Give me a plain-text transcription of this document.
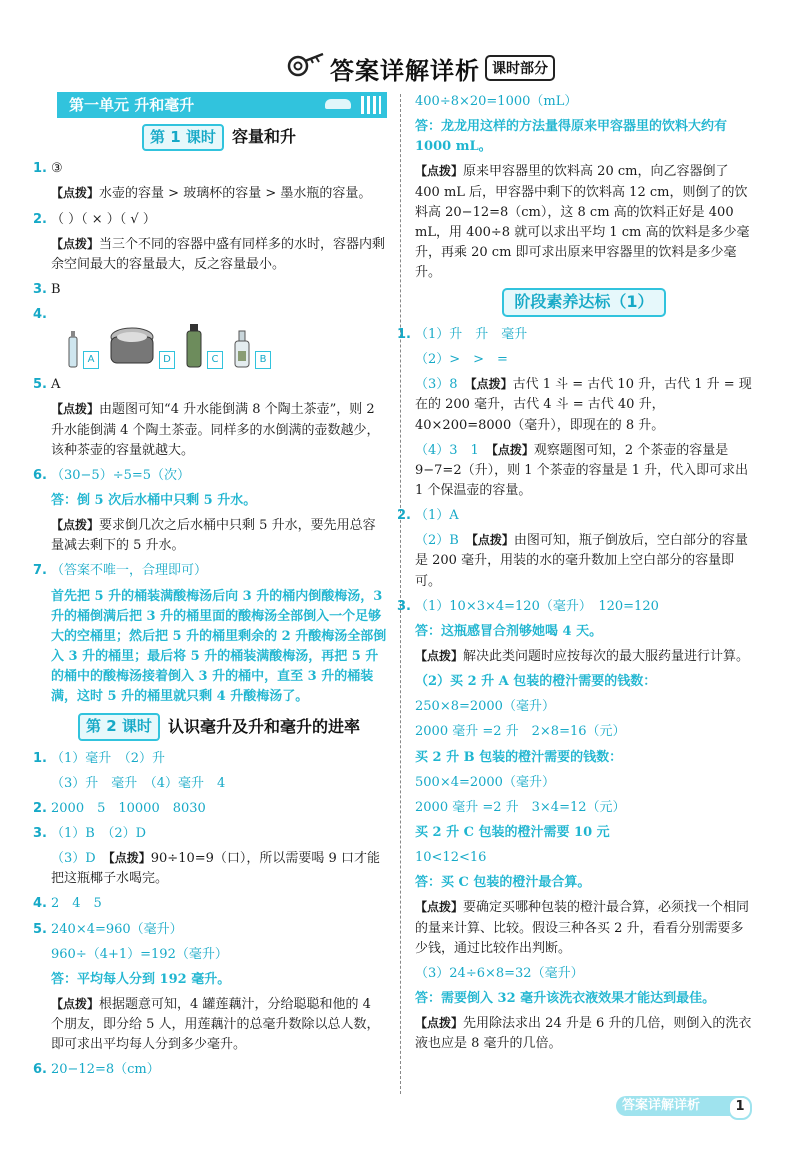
答案详解详析 课时部分
第一单元 升和毫升
第 1 课时	容量和升

1. ③

【 点拨 】 水壶的容量 > 玻璃杯的容量 > 墨水瓶的容量。

2. （ ）（ × ）（ √ ）

【 点拨 】 当三个不同的容器中盛有同样多的水时，容器内剩余空间最大的容量最大，反之容量最小。

3. B

4.

A	D	C	B

5. A

【 点拨 】 由题图可知“4 升水能倒满 8 个陶土茶壶”，则 2 升水能倒满 4 个陶土茶壶。同样多的水倒满的壶数越少，该种茶壶的容量就越大。

6. （30−5）÷5=5（次）

答：倒 5 次后水桶中只剩 5 升水。

【 点拨 】 要求倒几次之后水桶中只剩 5 升水，要先用总容量减去剩下的 5 升水。

7. （答案不唯一，合理即可）

首先把 5 升的桶装满酸梅汤后向 3 升的桶内倒酸梅汤，3 升的桶倒满后把 3 升的桶里面的酸梅汤全部倒入一个足够大的空桶里；然后把 5 升的桶里剩余的 2 升酸梅汤全部倒入 3 升的桶里；最后将 5 升的桶装满酸梅汤，再把 5 升的桶中的酸梅汤接着倒入 3 升的桶中，直至 3 升的桶装满，这时 5 升的桶里就只剩 4 升酸梅汤了。

第 2 课时	认识毫升及升和毫升的进率

1. （1）毫升　（2）升

（3）升　毫升　（4）毫升　4

2. 2000　5　10000　8030

3. （1）B　（2）D

（3）D　 【 点拨 】 90÷10=9（口），所以需要喝 9 口才能把这瓶椰子水喝完。

4. 2　4　5

5. 240×4=960（毫升）

960÷（4+1）=192（毫升）

答：平均每人分到 192 毫升。

【 点拨 】 根据题意可知，4 罐莲藕汁，分给聪聪和他的 4 个朋友，即分给 5 人，用莲藕汁的总毫升数除以总人数，即可求出平均每人分到多少毫升。

6. 20−12=8（cm）

400÷8×20=1000（mL）

答：龙龙用这样的方法量得原来甲容器里的饮料大约有 1000 mL。

【 点拨 】 原来甲容器里的饮料高 20 cm，向乙容器倒了 400 mL 后，甲容器中剩下的饮料高 12 cm，则倒了的饮料高 20−12=8（cm），这 8 cm 高的饮料正好是 400 mL，用 400÷8 就可以求出平均 1 cm 高的饮料是多少毫升，再乘 20 cm 即可求出原来甲容器里的饮料是多少毫升。

阶段素养达标（1）

1. （1）升　升　毫升

（2）>　>　=

（3）8　 【 点拨 】 古代 1 斗 = 古代 10 升，古代 1 升 = 现在的 200 毫升，古代 4 斗 = 古代 40 升，40×200=8000（毫升），即现在的 8 升。

（4）3　1　 【 点拨 】 观察题图可知，2 个茶壶的容量是 9−7=2（升），则 1 个茶壶的容量是 1 升，代入即可求出 1 个保温壶的容量。

2. （1）A

（2）B　 【 点拨 】 由图可知，瓶子倒放后，空白部分的容量是 200 毫升，用装的水的毫升数加上空白部分的容量即可。

3. （1）10×3×4=120（毫升）　120=120

答：这瓶感冒合剂够她喝 4 天。

【 点拨 】 解决此类问题时应按每次的最大服药量进行计算。

（2）买 2 升 A 包装的橙汁需要的钱数：

250×8=2000（毫升）

2000 毫升 =2 升　2×8=16（元）

买 2 升 B 包装的橙汁需要的钱数：

500×4=2000（毫升）

2000 毫升 =2 升　3×4=12（元）

买 2 升 C 包装的橙汁需要 10 元

10<12<16

答：买 C 包装的橙汁最合算。

【 点拨 】 要确定买哪种包装的橙汁最合算，必须找一个相同的量来计算、比较。假设三种各买 2 升，看看分别需要多少钱，通过比较作出判断。

（3）24÷6×8=32（毫升）

答：需要倒入 32 毫升该洗衣液效果才能达到最佳。

【 点拨 】 先用除法求出 24 升是 6 升的几倍，则倒入的洗衣液也应是 8 毫升的几倍。

答案详解详析	1
